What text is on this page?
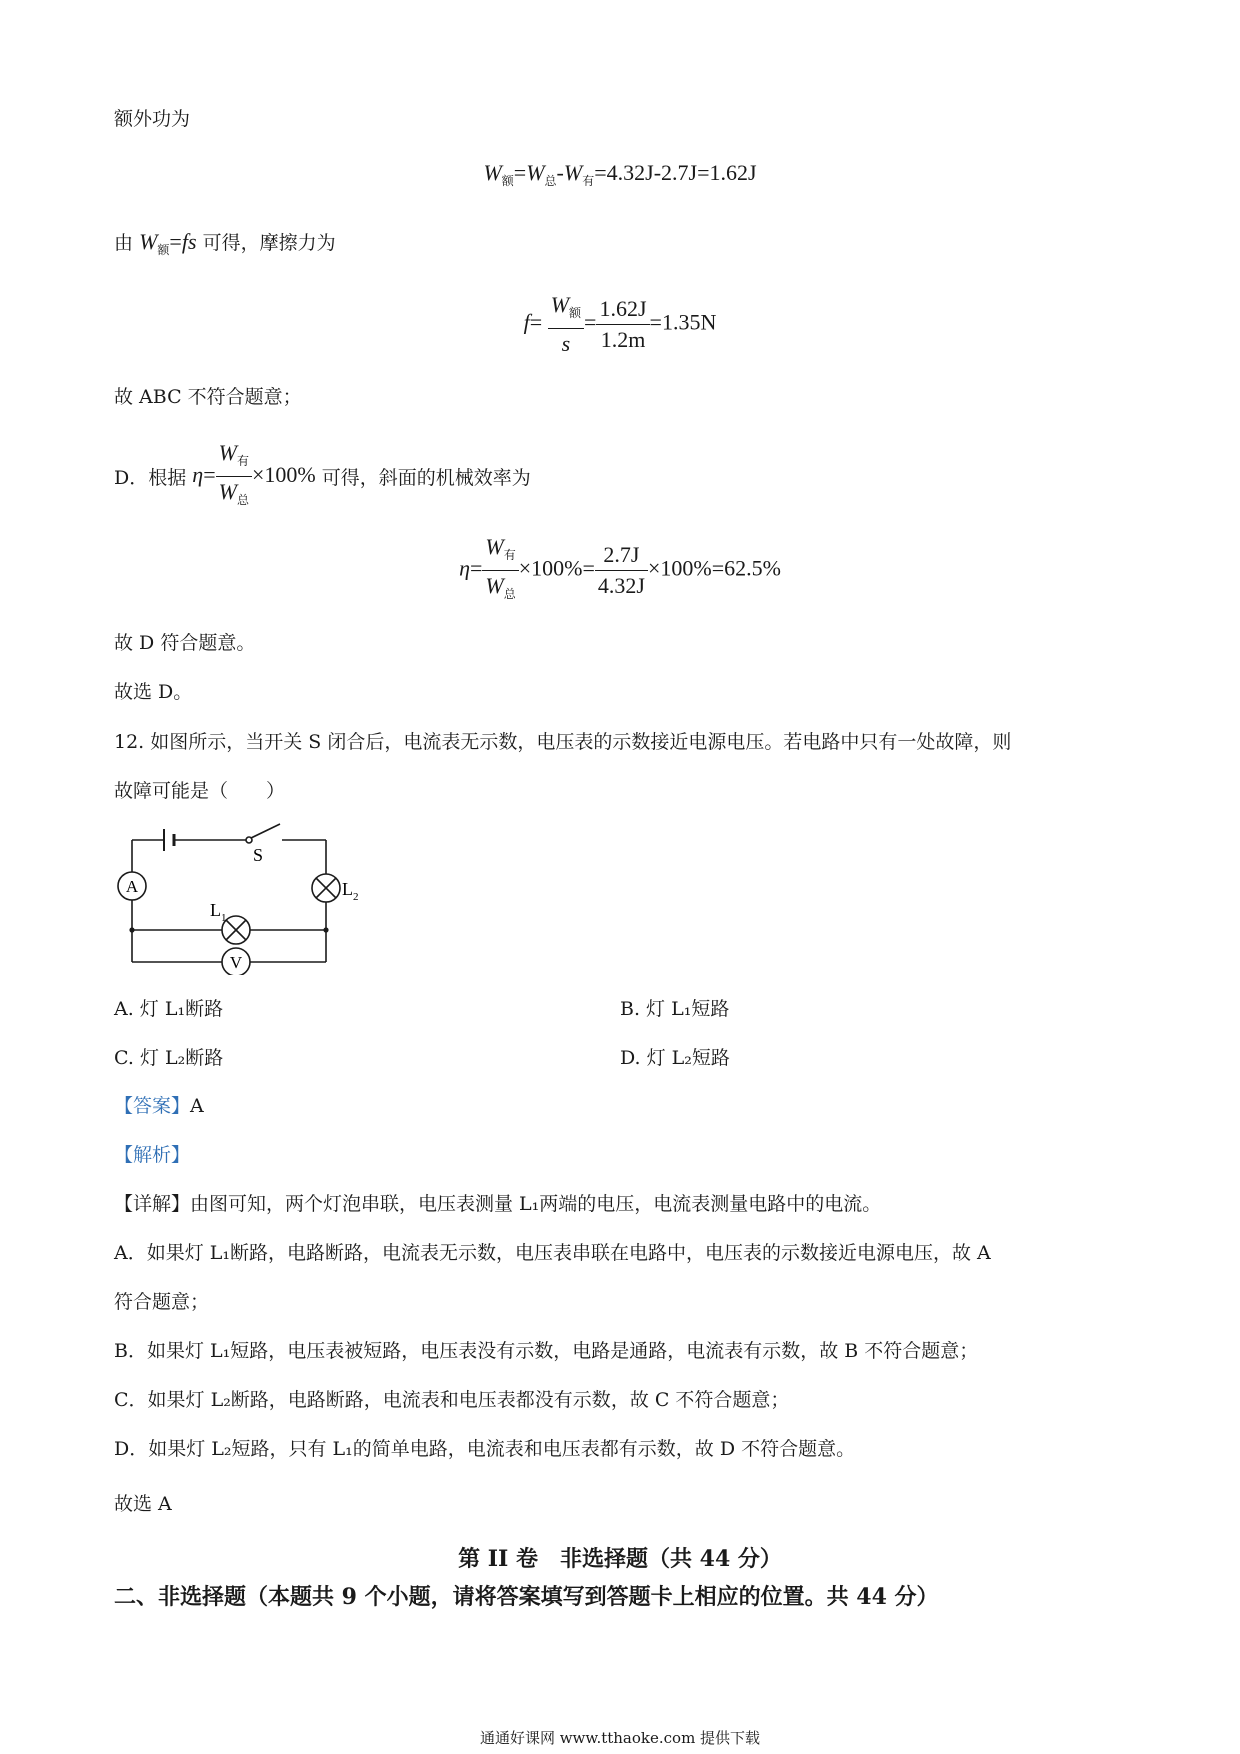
额外功为
$W_额=W_总-W_有=4.32J-2.7J=1.62J$
由 $W_额=fs$ 可得，摩擦力为
$f= \frac{W_额}{s} = \frac{1.62J}{1.2m} =1.35N$
故 ABC 不符合题意；
D．根据 $\eta= \frac{W_有}{W_总} \times 100\%$ 可得，斜面的机械效率为
$\eta= \frac{W_有}{W_总} \times 100\%= \frac{2.7J}{4.32J} \times 100\%=62.5\%$
故 D 符合题意。
故选 D。
12. 如图所示，当开关 S 闭合后，电流表无示数，电压表的示数接近电源电压。若电路中只有一处故障，则
故障可能是（　　）
A
V
S
L 1
L 2
A. 灯 L₁断路	B. 灯 L₁短路
C. 灯 L₂断路	D. 灯 L₂短路
【答案】A
【解析】
【详解】由图可知，两个灯泡串联，电压表测量 L₁两端的电压，电流表测量电路中的电流。
A．如果灯 L₁断路，电路断路，电流表无示数，电压表串联在电路中，电压表的示数接近电源电压，故 A
符合题意；
B．如果灯 L₁短路，电压表被短路，电压表没有示数，电路是通路，电流表有示数，故 B 不符合题意；
C．如果灯 L₂断路，电路断路，电流表和电压表都没有示数，故 C 不符合题意；
D．如果灯 L₂短路，只有 L₁的简单电路，电流表和电压表都有示数，故 D 不符合题意。
故选 A
第 II 卷　非选择题（共 44 分）
二、非选择题（本题共 9 个小题，请将答案填写到答题卡上相应的位置。共 44 分）
通通好课网 www.tthaoke.com 提供下载
